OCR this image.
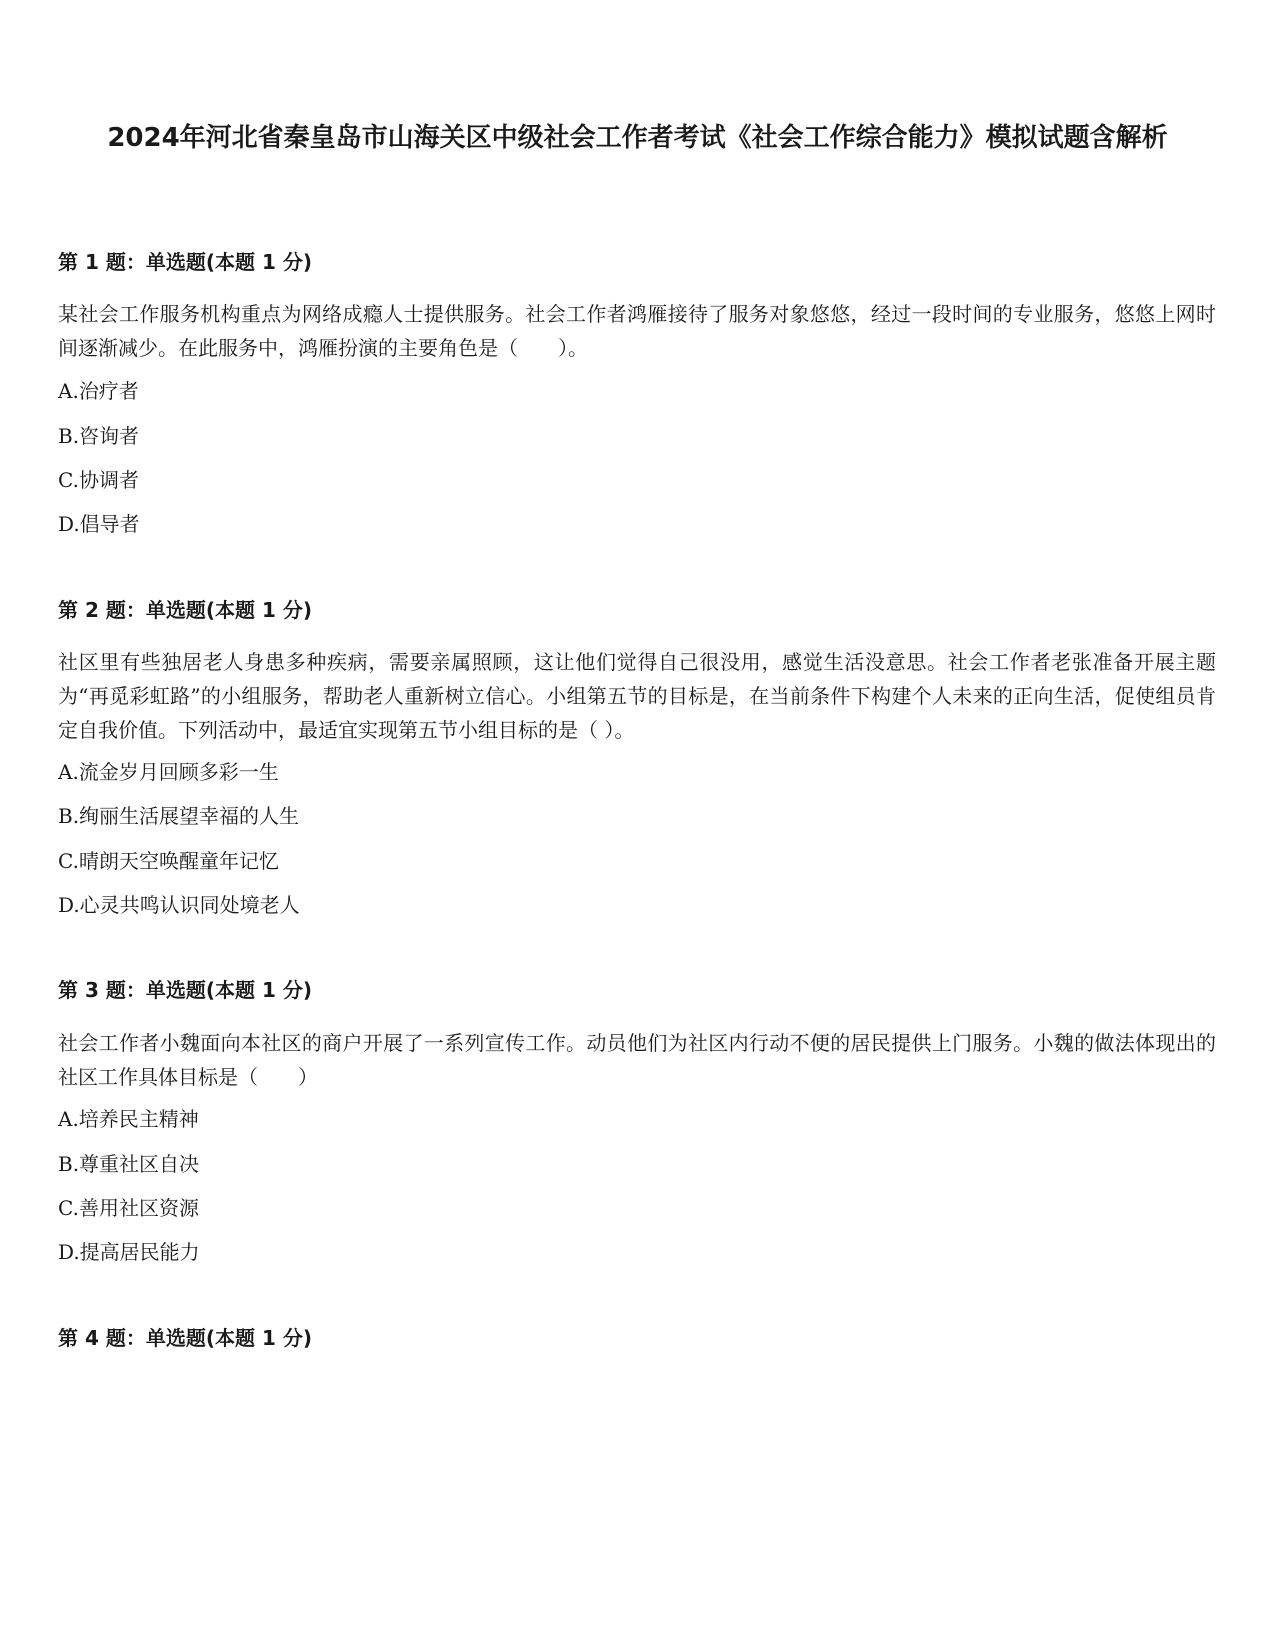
2024年河北省秦皇岛市山海关区中级社会工作者考试《社会工作综合能力》模拟试题含解析
第 1 题：单选题(本题 1 分)
某社会工作服务机构重点为网络成瘾人士提供服务。社会工作者鸿雁接待了服务对象悠悠，经过一段时间的专业服务，悠悠上网时间逐渐减少。在此服务中，鸿雁扮演的主要角色是（　　）。
A.治疗者
B.咨询者
C.协调者
D.倡导者
第 2 题：单选题(本题 1 分)
社区里有些独居老人身患多种疾病，需要亲属照顾，这让他们觉得自己很没用，感觉生活没意思。社会工作者老张准备开展主题为“再觅彩虹路”的小组服务，帮助老人重新树立信心。小组第五节的目标是，在当前条件下构建个人未来的正向生活，促使组员肯定自我价值。下列活动中，最适宜实现第五节小组目标的是（ ）。
A.流金岁月回顾多彩一生
B.绚丽生活展望幸福的人生
C.晴朗天空唤醒童年记忆
D.心灵共鸣认识同处境老人
第 3 题：单选题(本题 1 分)
社会工作者小魏面向本社区的商户开展了一系列宣传工作。动员他们为社区内行动不便的居民提供上门服务。小魏的做法体现出的社区工作具体目标是（　　）
A.培养民主精神
B.尊重社区自决
C.善用社区资源
D.提高居民能力
第 4 题：单选题(本题 1 分)
